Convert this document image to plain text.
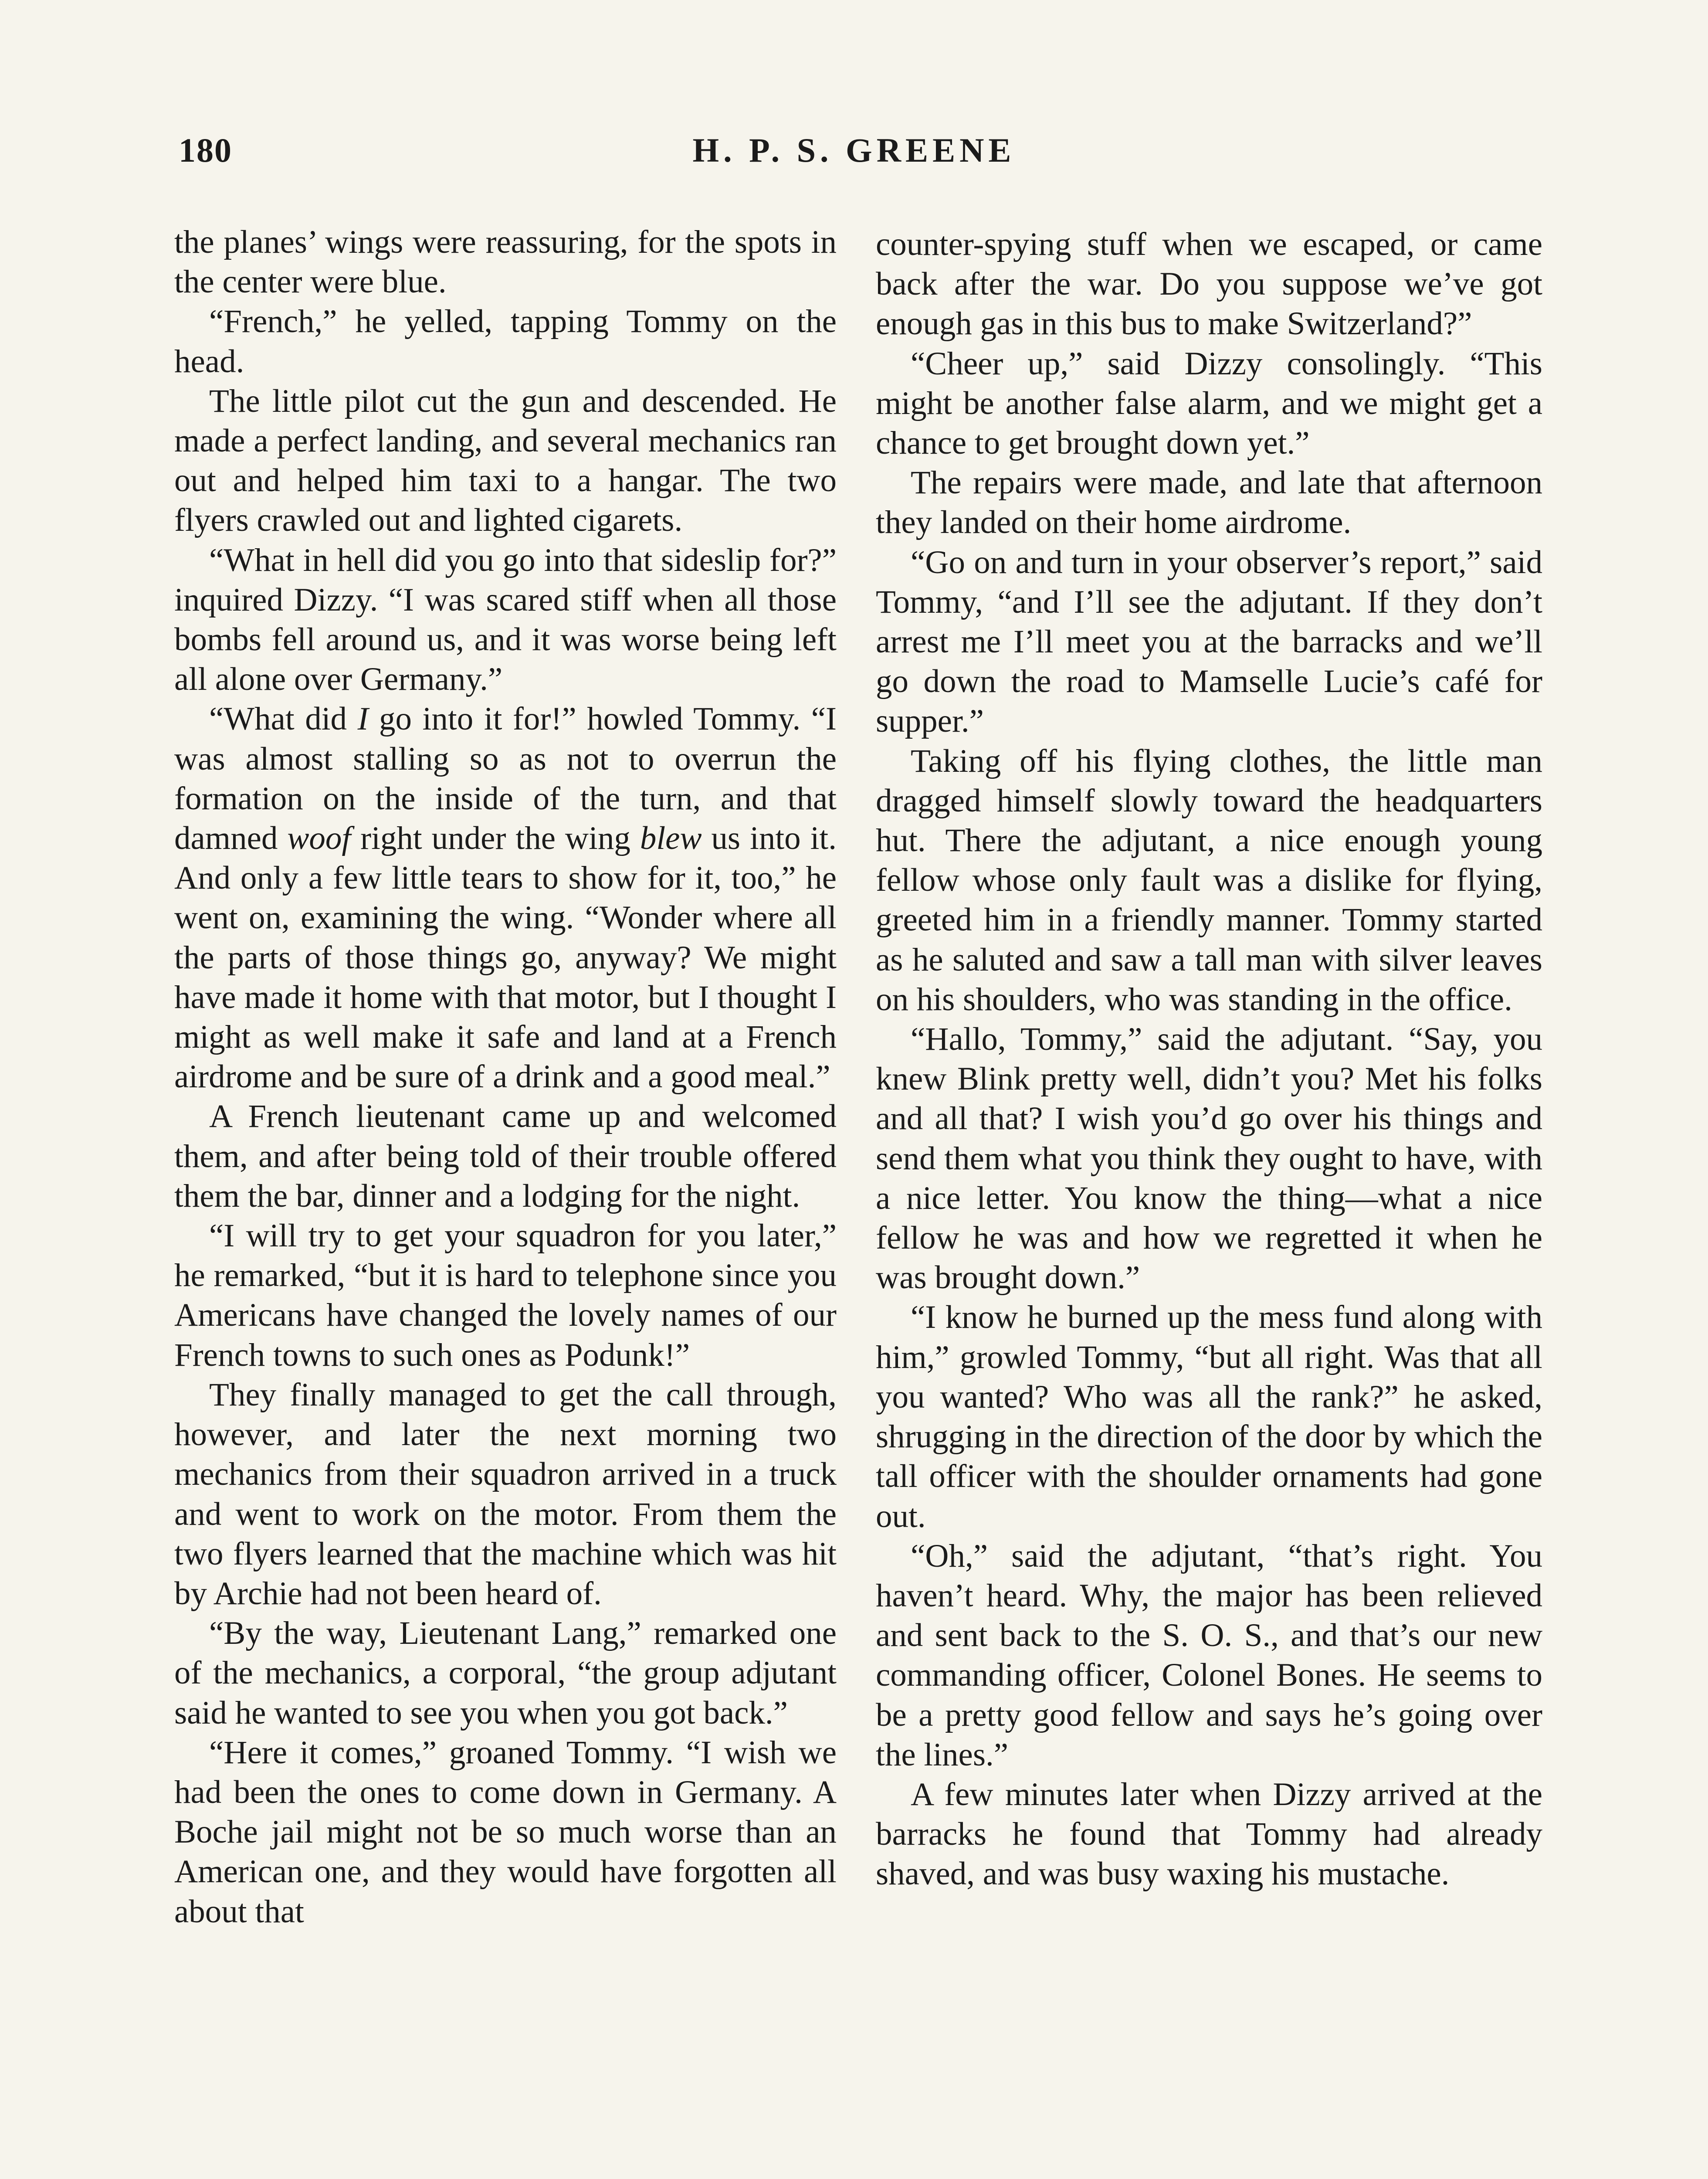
180	H. P. S. GREENE

the planes’ wings were reassuring, for the spots in the center were blue.

“French,” he yelled, tapping Tommy on the head.

The little pilot cut the gun and descended. He made a perfect landing, and several mechanics ran out and helped him taxi to a hangar. The two flyers crawled out and lighted cigarets.

“What in hell did you go into that sideslip for?” inquired Dizzy. “I was scared stiff when all those bombs fell around us, and it was worse being left all alone over Germany.”

“What did I go into it for!” howled Tommy. “I was almost stalling so as not to overrun the formation on the inside of the turn, and that damned woof right under the wing blew us into it. And only a few little tears to show for it, too,” he went on, examining the wing. “Wonder where all the parts of those things go, anyway? We might have made it home with that motor, but I thought I might as well make it safe and land at a French airdrome and be sure of a drink and a good meal.”

A French lieutenant came up and welcomed them, and after being told of their trouble offered them the bar, dinner and a lodging for the night.

“I will try to get your squadron for you later,” he remarked, “but it is hard to telephone since you Americans have changed the lovely names of our French towns to such ones as Podunk!”

They finally managed to get the call through, however, and later the next morning two mechanics from their squadron arrived in a truck and went to work on the motor. From them the two flyers learned that the machine which was hit by Archie had not been heard of.

“By the way, Lieutenant Lang,” remarked one of the mechanics, a corporal, “the group adjutant said he wanted to see you when you got back.”

“Here it comes,” groaned Tommy. “I wish we had been the ones to come down in Germany. A Boche jail might not be so much worse than an American one, and they would have forgotten all about that

counter-spying stuff when we escaped, or came back after the war. Do you suppose we’ve got enough gas in this bus to make Switzerland?”

“Cheer up,” said Dizzy consolingly. “This might be another false alarm, and we might get a chance to get brought down yet.”

The repairs were made, and late that afternoon they landed on their home airdrome.

“Go on and turn in your observer’s report,” said Tommy, “and I’ll see the adjutant. If they don’t arrest me I’ll meet you at the barracks and we’ll go down the road to Mamselle Lucie’s café for supper.”

Taking off his flying clothes, the little man dragged himself slowly toward the headquarters hut. There the adjutant, a nice enough young fellow whose only fault was a dislike for flying, greeted him in a friendly manner. Tommy started as he saluted and saw a tall man with silver leaves on his shoulders, who was standing in the office.

“Hallo, Tommy,” said the adjutant. “Say, you knew Blink pretty well, didn’t you? Met his folks and all that? I wish you’d go over his things and send them what you think they ought to have, with a nice letter. You know the thing—what a nice fellow he was and how we regretted it when he was brought down.”

“I know he burned up the mess fund along with him,” growled Tommy, “but all right. Was that all you wanted? Who was all the rank?” he asked, shrugging in the direction of the door by which the tall officer with the shoulder ornaments had gone out.

“Oh,” said the adjutant, “that’s right. You haven’t heard. Why, the major has been relieved and sent back to the S. O. S., and that’s our new commanding officer, Colonel Bones. He seems to be a pretty good fellow and says he’s going over the lines.”

A few minutes later when Dizzy arrived at the barracks he found that Tommy had already shaved, and was busy waxing his mustache.
